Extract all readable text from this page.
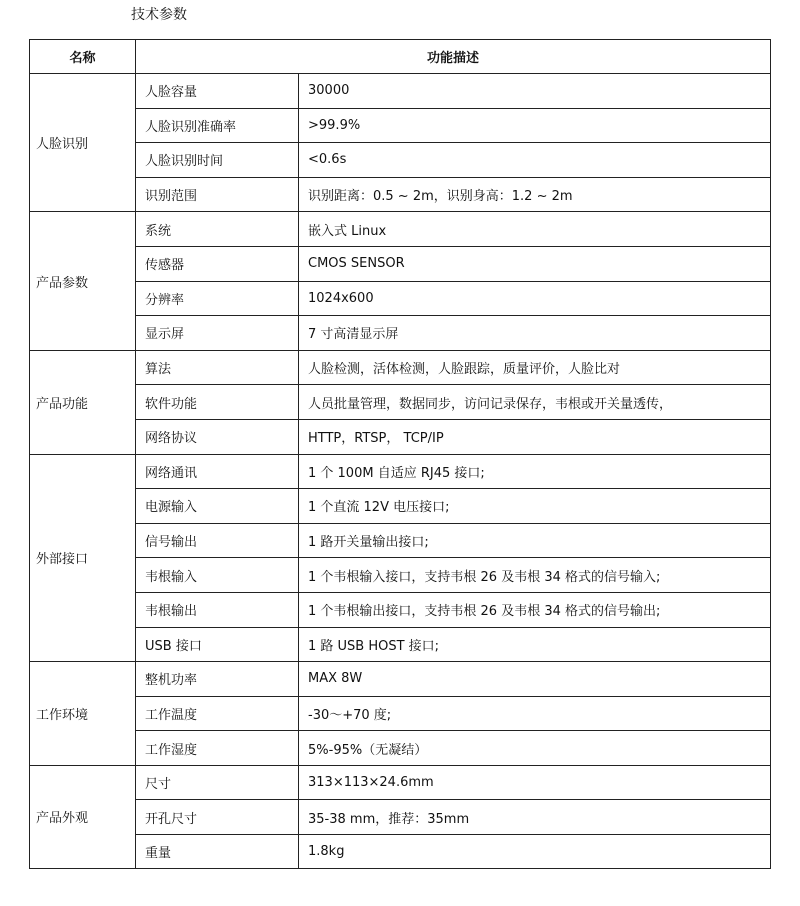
技术参数
名称	功能描述	
人脸识别	人脸容量	30000
	人脸识别准确率	>99.9%
	人脸识别时间	<0.6s
	识别范围	识别距离：0.5 ~ 2m，识别身高：1.2 ~ 2m
产品参数	系统	嵌入式 Linux
	传感器	CMOS SENSOR
	分辨率	1024x600
	显示屏	7 寸高清显示屏
产品功能	算法	人脸检测，活体检测，人脸跟踪，质量评价，人脸比对
	软件功能	人员批量管理，数据同步，访问记录保存，韦根或开关量透传，
	网络协议	HTTP，RTSP， TCP/IP
外部接口	网络通讯	1 个 100M 自适应 RJ45 接口;
	电源输入	1 个直流 12V 电压接口;
	信号输出	1 路开关量输出接口;
	韦根输入	1 个韦根输入接口，支持韦根 26 及韦根 34 格式的信号输入;
	韦根输出	1 个韦根输出接口，支持韦根 26 及韦根 34 格式的信号输出;
	USB 接口	1 路 USB HOST 接口;
工作环境	整机功率	MAX 8W
	工作温度	-30～+70 度;
	工作湿度	5%-95%（无凝结）
产品外观	尺寸	313×113×24.6mm
	开孔尺寸	35-38 mm，推荐：35mm
	重量	1.8kg
